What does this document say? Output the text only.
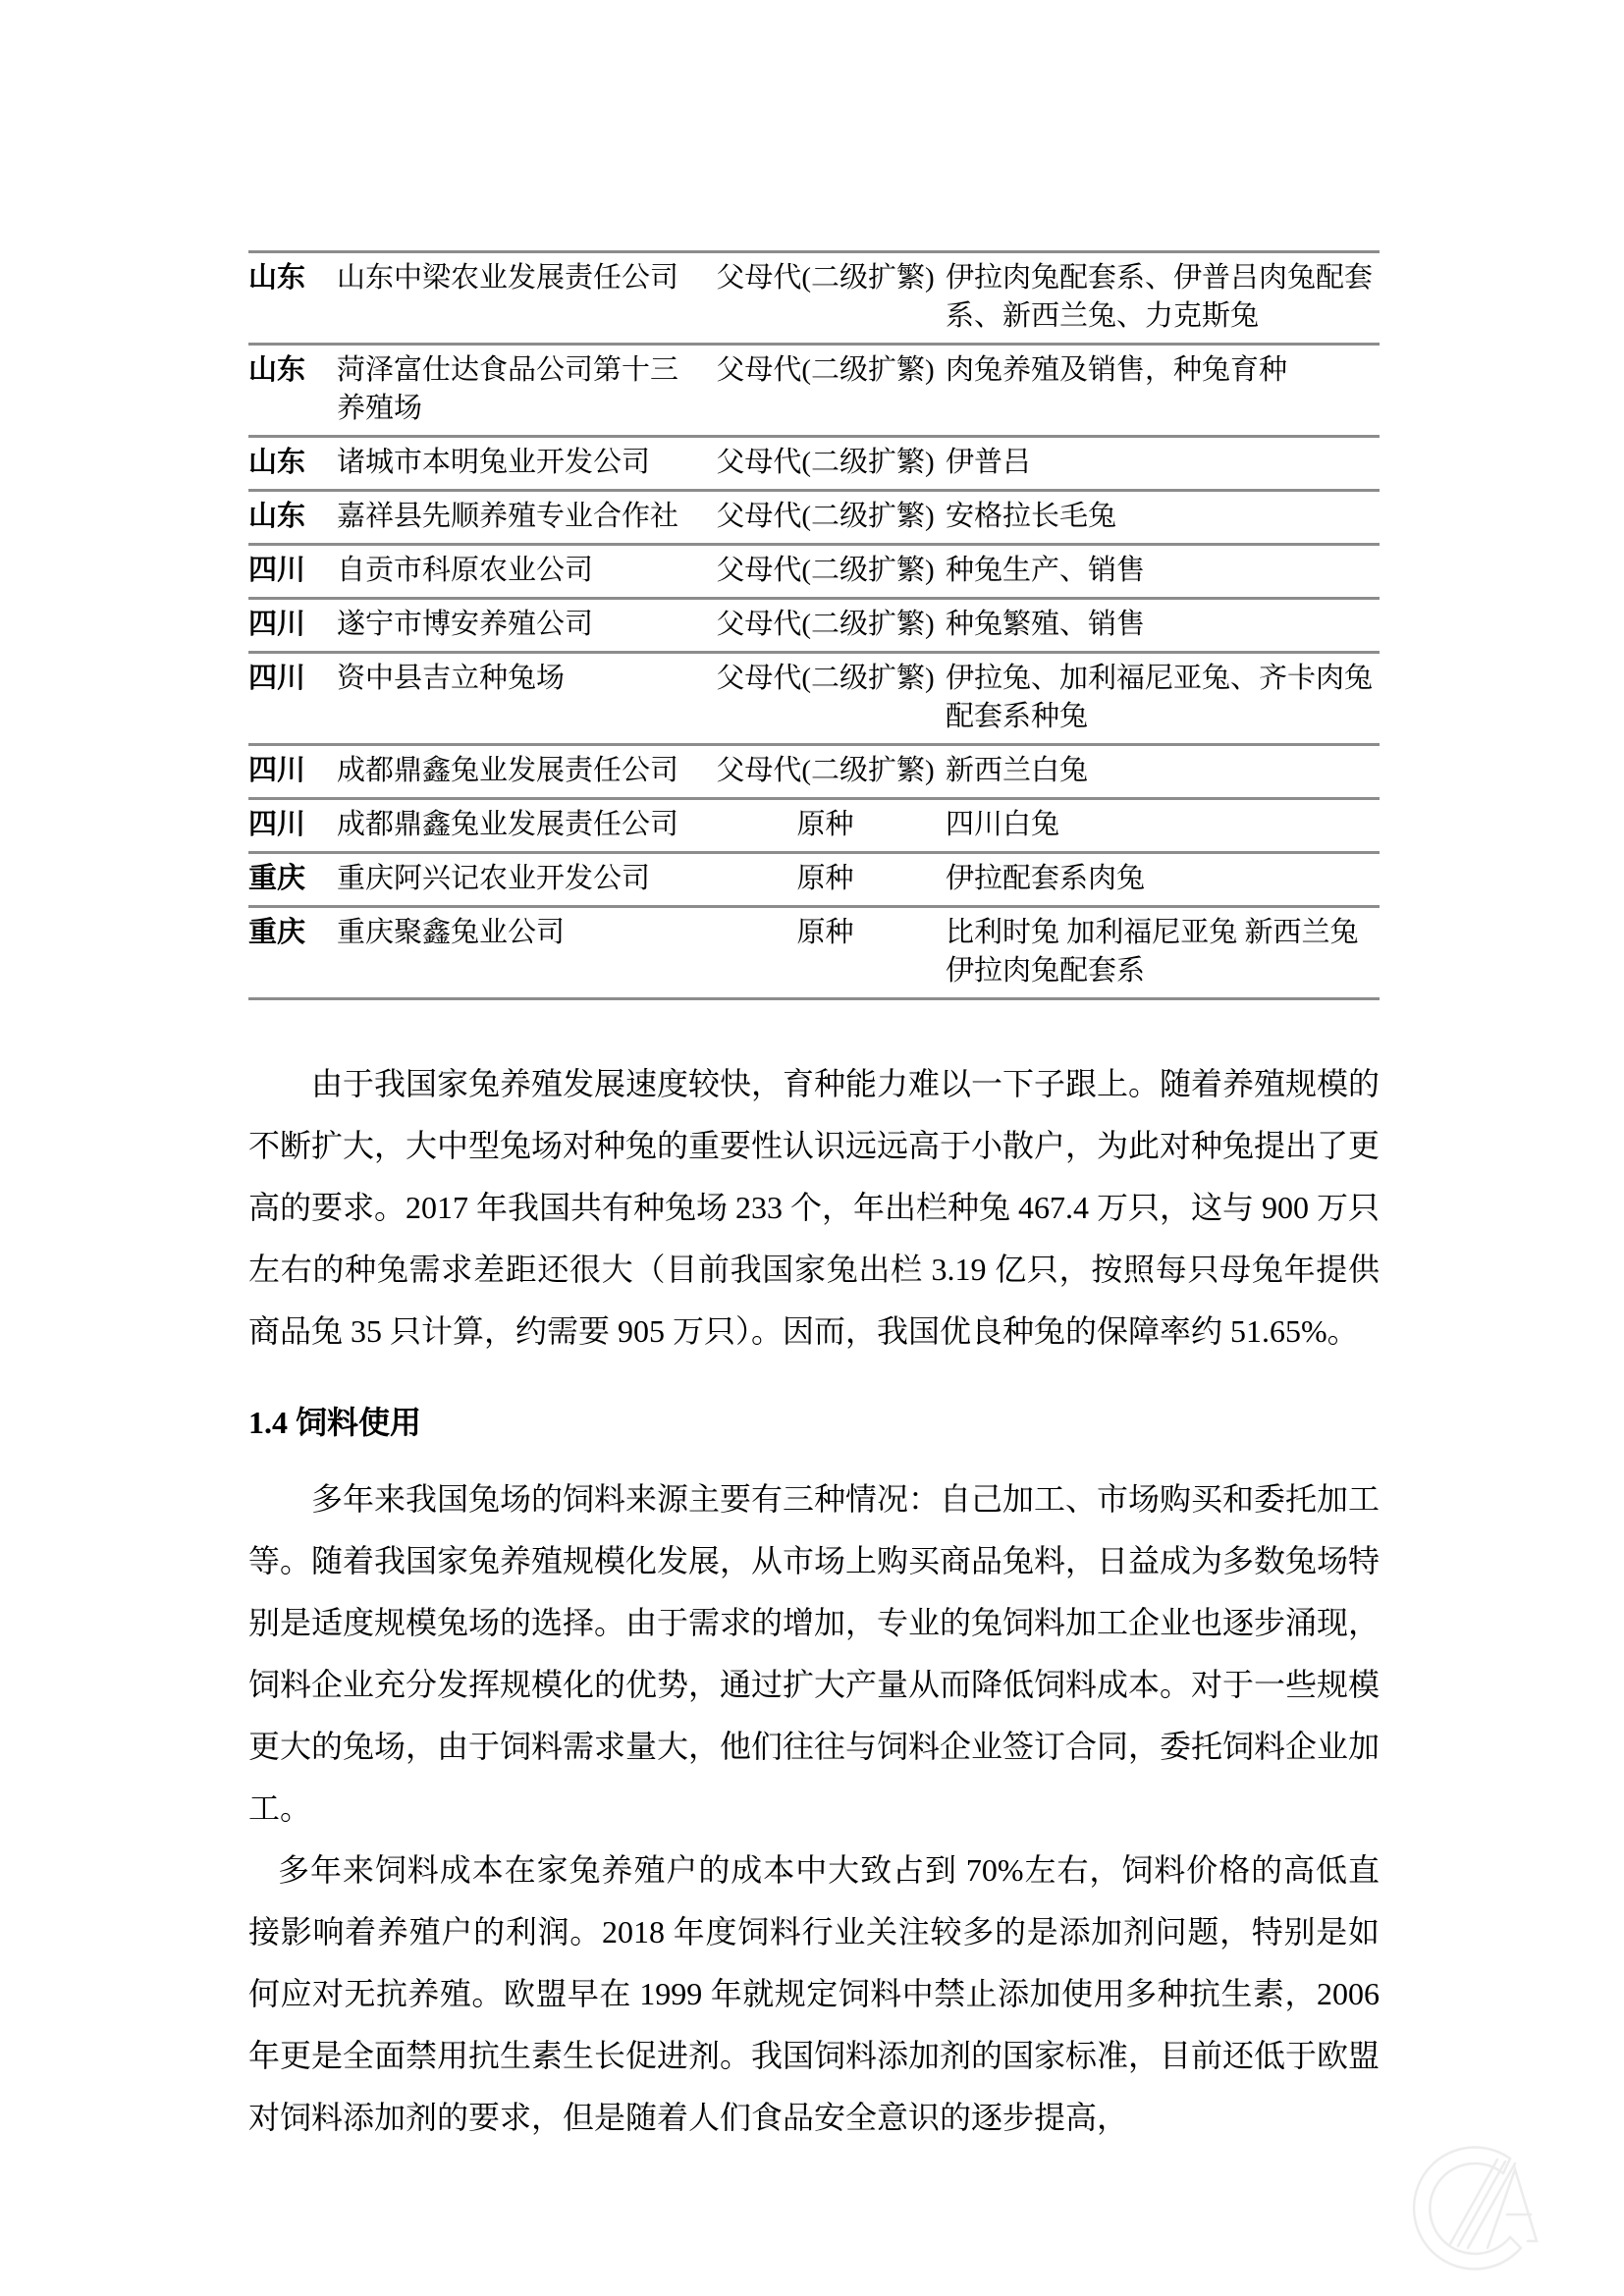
山东	山东中梁农业发展责任公司	父母代(二级扩繁)	伊拉肉兔配套系、伊普吕肉兔配套系、新西兰兔、力克斯兔
山东	菏泽富仕达食品公司第十三养殖场	父母代(二级扩繁)	肉兔养殖及销售，种兔育种
山东	诸城市本明兔业开发公司	父母代(二级扩繁)	伊普吕
山东	嘉祥县先顺养殖专业合作社	父母代(二级扩繁)	安格拉长毛兔
四川	自贡市科原农业公司	父母代(二级扩繁)	种兔生产、销售
四川	遂宁市博安养殖公司	父母代(二级扩繁)	种兔繁殖、销售
四川	资中县吉立种兔场	父母代(二级扩繁)	伊拉兔、加利福尼亚兔、齐卡肉兔配套系种兔
四川	成都鼎鑫兔业发展责任公司	父母代(二级扩繁)	新西兰白兔
四川	成都鼎鑫兔业发展责任公司	原种	四川白兔
重庆	重庆阿兴记农业开发公司	原种	伊拉配套系肉兔
重庆	重庆聚鑫兔业公司	原种	比利时兔 加利福尼亚兔 新西兰兔 伊拉肉兔配套系

由于我国家兔养殖发展速度较快，育种能力难以一下子跟上。随着养殖规模的不断扩大，大中型兔场对种兔的重要性认识远远高于小散户，为此对种兔提出了更高的要求。2017 年我国共有种兔场 233 个，年出栏种兔 467.4 万只，这与 900 万只左右的种兔需求差距还很大（目前我国家兔出栏 3.19 亿只，按照每只母兔年提供商品兔 35 只计算，约需要 905 万只）。因而，我国优良种兔的保障率约 51.65%。

1.4 饲料使用

多年来我国兔场的饲料来源主要有三种情况：自己加工、市场购买和委托加工等。随着我国家兔养殖规模化发展，从市场上购买商品兔料，日益成为多数兔场特别是适度规模兔场的选择。由于需求的增加，专业的兔饲料加工企业也逐步涌现，饲料企业充分发挥规模化的优势，通过扩大产量从而降低饲料成本。对于一些规模更大的兔场，由于饲料需求量大，他们往往与饲料企业签订合同，委托饲料企业加工。

多年来饲料成本在家兔养殖户的成本中大致占到 70%左右，饲料价格的高低直接影响着养殖户的利润。2018 年度饲料行业关注较多的是添加剂问题，特别是如何应对无抗养殖。欧盟早在 1999 年就规定饲料中禁止添加使用多种抗生素，2006 年更是全面禁用抗生素生长促进剂。我国饲料添加剂的国家标准，目前还低于欧盟对饲料添加剂的要求，但是随着人们食品安全意识的逐步提高，
